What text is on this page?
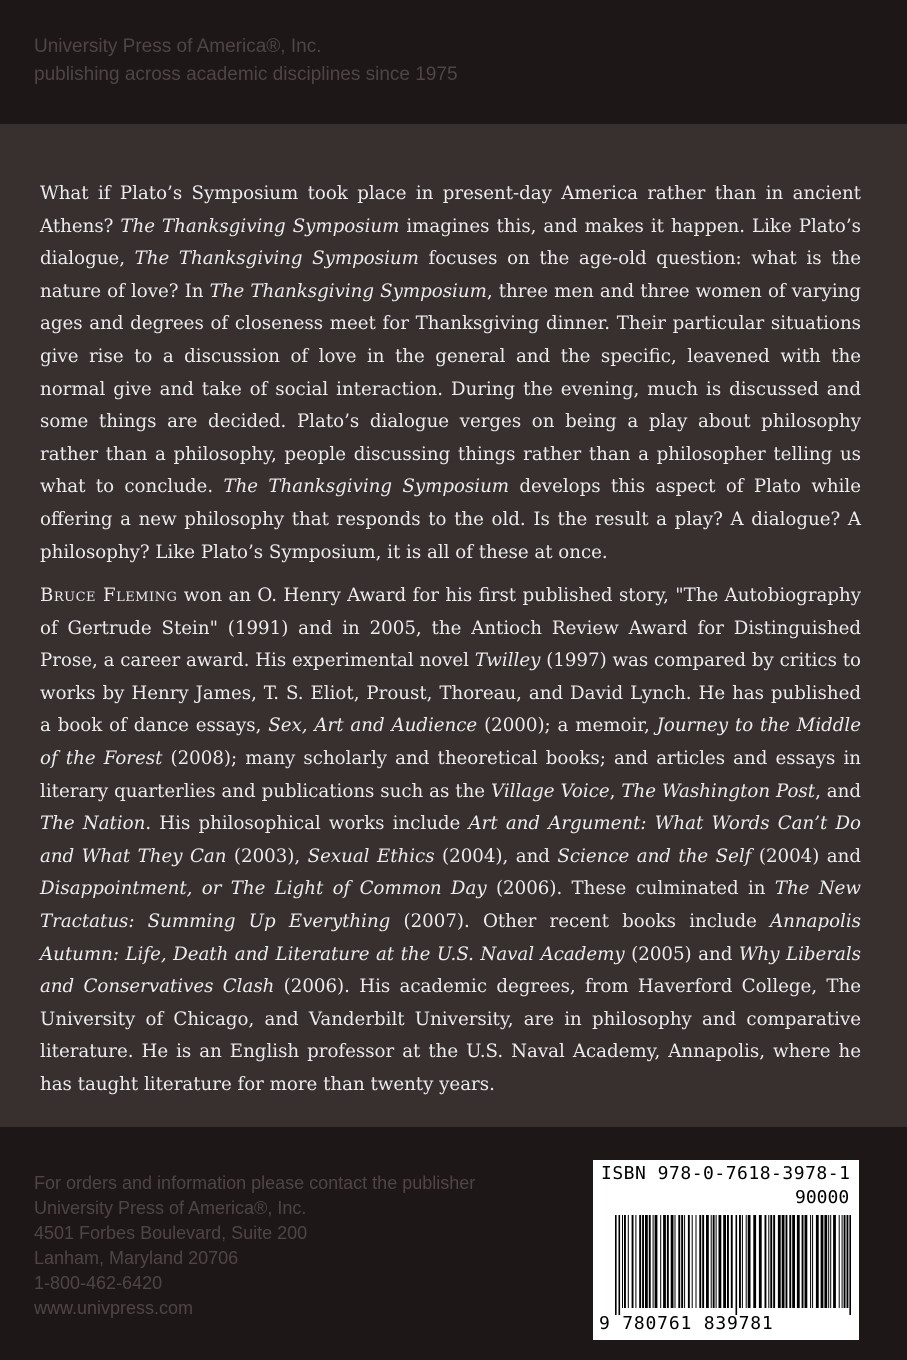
University Press of America®, Inc.
publishing across academic disciplines since 1975
What if Plato’s Symposium took place in present-day America rather than in ancient Athens? The Thanksgiving Symposium imagines this, and makes it happen. Like Plato’s dialogue, The Thanksgiving Symposium focuses on the age-old question: what is the nature of love? In The Thanksgiving Symposium, three men and three women of varying ages and degrees of closeness meet for Thanksgiving dinner. Their particular situations give rise to a discussion of love in the general and the specific, leavened with the normal give and take of social interaction. During the evening, much is discussed and some things are decided. Plato’s dialogue verges on being a play about philosophy rather than a philosophy, people discussing things rather than a philosopher telling us what to conclude. The Thanksgiving Symposium develops this aspect of Plato while offering a new philosophy that responds to the old. Is the result a play? A dialogue? A philosophy? Like Plato’s Symposium, it is all of these at once.
Bruce Fleming won an O. Henry Award for his first published story, "The Autobiography of Gertrude Stein" (1991) and in 2005, the Antioch Review Award for Distinguished Prose, a career award. His experimental novel Twilley (1997) was compared by critics to works by Henry James, T. S. Eliot, Proust, Thoreau, and David Lynch. He has published a book of dance essays, Sex, Art and Audience (2000); a memoir, Journey to the Middle of the Forest (2008); many scholarly and theoretical books; and articles and essays in literary quarterlies and publications such as the Village Voice, The Washington Post, and The Nation. His philosophical works include Art and Argument: What Words Can’t Do and What They Can (2003), Sexual Ethics (2004), and Science and the Self (2004) and Disappointment, or The Light of Common Day (2006). These culminated in The New Tractatus: Summing Up Everything (2007). Other recent books include Annapolis Autumn: Life, Death and Literature at the U.S. Naval Academy (2005) and Why Liberals and Conservatives Clash (2006). His academic degrees, from Haverford College, The University of Chicago, and Vanderbilt University, are in philosophy and comparative literature. He is an English professor at the U.S. Naval Academy, Annapolis, where he has taught literature for more than twenty years.
For orders and information please contact the publisher
University Press of America®, Inc.
4501 Forbes Boulevard, Suite 200
Lanham, Maryland 20706
1-800-462-6420
www.univpress.com
ISBN 978-0-7618-3978-1
90000
9 780761 839781
